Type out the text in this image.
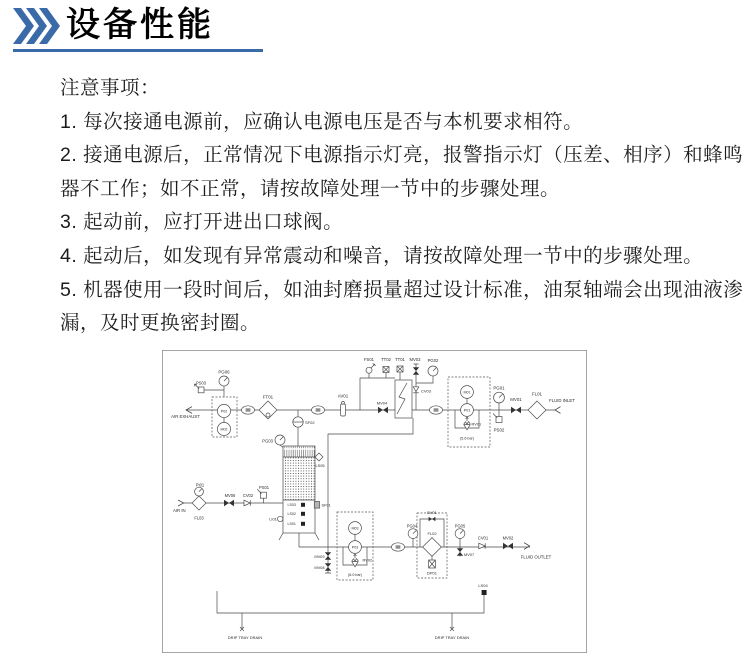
设备性能
注意事项：
1. 每次接通电源前，应确认电源电压是否与本机要求相符。
2. 接通电源后，正常情况下电源指示灯亮，报警指示灯（压差、相序）和蜂鸣
器不工作；如不正常，请按故障处理一节中的步骤处理。
3. 起动前，应打开进出口球阀。
4. 起动后，如发现有异常震动和噪音，请按故障处理一节中的步骤处理。
5. 机器使用一段时间后，如油封磨损量超过设计标准，油泵轴端会出现油液渗
漏，及时更换密封圈。
PG06
PS03
P02
M02
AIR EXHAUST
FT01
SF02
AV01
MV04
FS01 TT02 TT01 MV03 PG02
CV03	M01
P01
RV01
(5.6 bar)
PG01
PS02
MV01
FL01
FLUID INLET
PG03
LS05
SF01
LS03
LS02
LS01
LI01
PI01
FL03
AIR IN
MV06 CV02
PS01
MV09
MV08
M03
P03
RV02
(8.0 bar)
PG04
BV01
FL02
DP01
PG05
MV07
CV01	MV02
FLUID OUTLET
LS04
DRIP TRAY DRAIN	DRIP TRAY DRAIN
